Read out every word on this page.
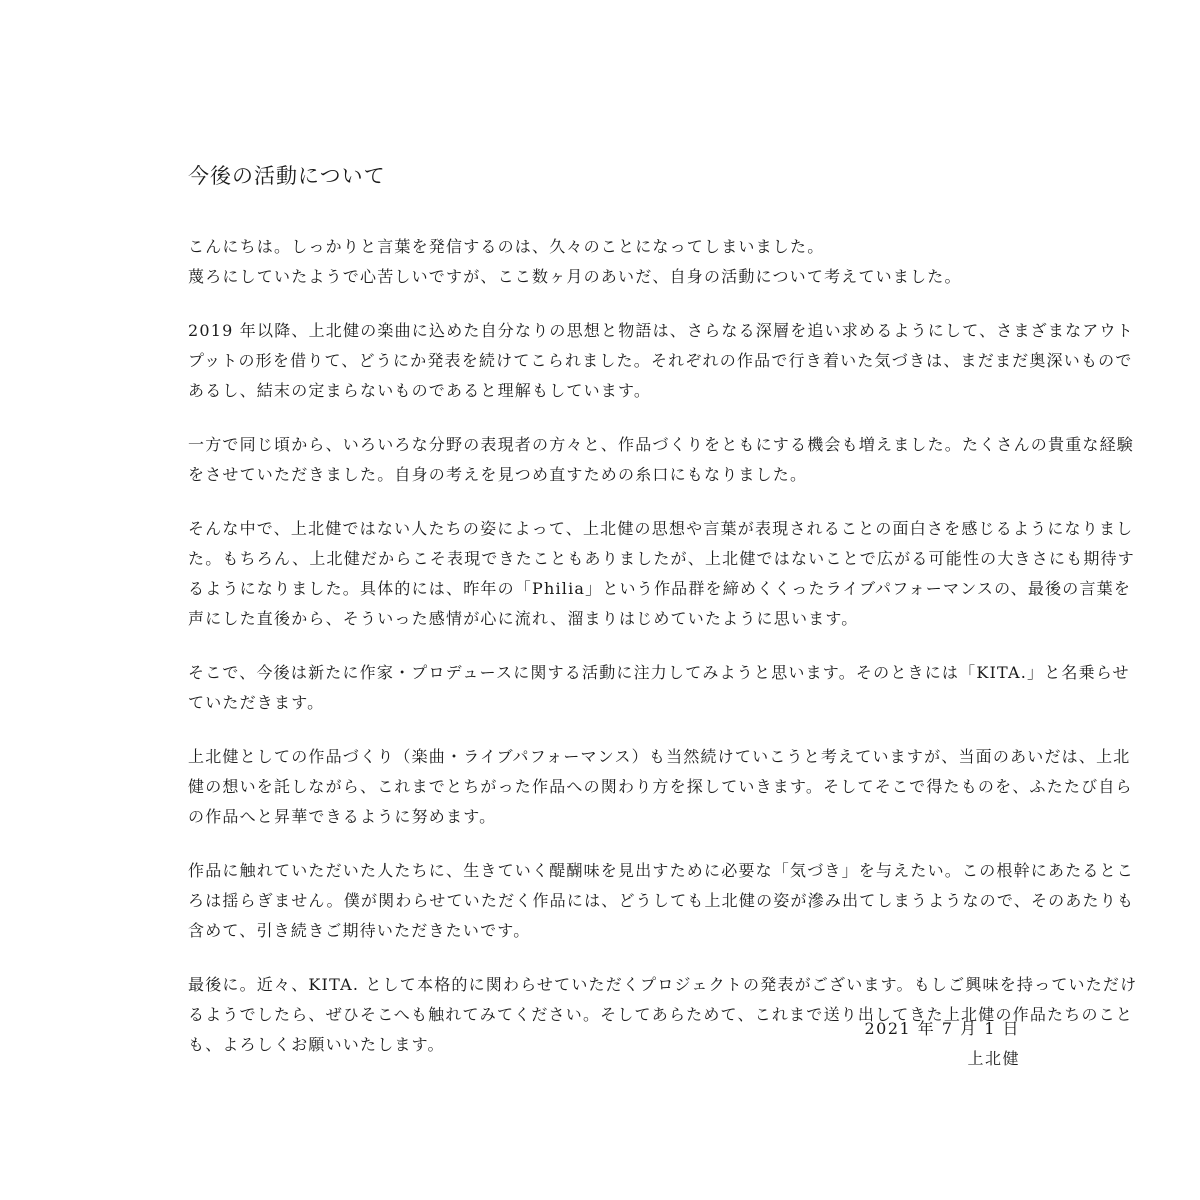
今後の活動について
こんにちは。しっかりと言葉を発信するのは、久々のことになってしまいました。
蔑ろにしていたようで心苦しいですが、ここ数ヶ月のあいだ、自身の活動について考えていました。
2019 年以降、上北健の楽曲に込めた自分なりの思想と物語は、さらなる深層を追い求めるようにして、さまざまなアウト
プットの形を借りて、どうにか発表を続けてこられました。それぞれの作品で行き着いた気づきは、まだまだ奥深いもので
あるし、結末の定まらないものであると理解もしています。
一方で同じ頃から、いろいろな分野の表現者の方々と、作品づくりをともにする機会も増えました。たくさんの貴重な経験
をさせていただきました。自身の考えを見つめ直すための糸口にもなりました。
そんな中で、上北健ではない人たちの姿によって、上北健の思想や言葉が表現されることの面白さを感じるようになりまし
た。もちろん、上北健だからこそ表現できたこともありましたが、上北健ではないことで広がる可能性の大きさにも期待す
るようになりました。具体的には、昨年の「Philia」という作品群を締めくくったライブパフォーマンスの、最後の言葉を
声にした直後から、そういった感情が心に流れ、溜まりはじめていたように思います。
そこで、今後は新たに作家・プロデュースに関する活動に注力してみようと思います。そのときには「KITA.」と名乗らせ
ていただきます。
上北健としての作品づくり（楽曲・ライブパフォーマンス）も当然続けていこうと考えていますが、当面のあいだは、上北
健の想いを託しながら、これまでとちがった作品への関わり方を探していきます。そしてそこで得たものを、ふたたび自ら
の作品へと昇華できるように努めます。
作品に触れていただいた人たちに、生きていく醍醐味を見出すために必要な「気づき」を与えたい。この根幹にあたるとこ
ろは揺らぎません。僕が関わらせていただく作品には、どうしても上北健の姿が滲み出てしまうようなので、そのあたりも
含めて、引き続きご期待いただきたいです。
最後に。近々、KITA. として本格的に関わらせていただくプロジェクトの発表がございます。もしご興味を持っていただけ
るようでしたら、ぜひそこへも触れてみてください。そしてあらためて、これまで送り出してきた上北健の作品たちのこと
も、よろしくお願いいたします。
2021 年 7 月 1 日
上北健
